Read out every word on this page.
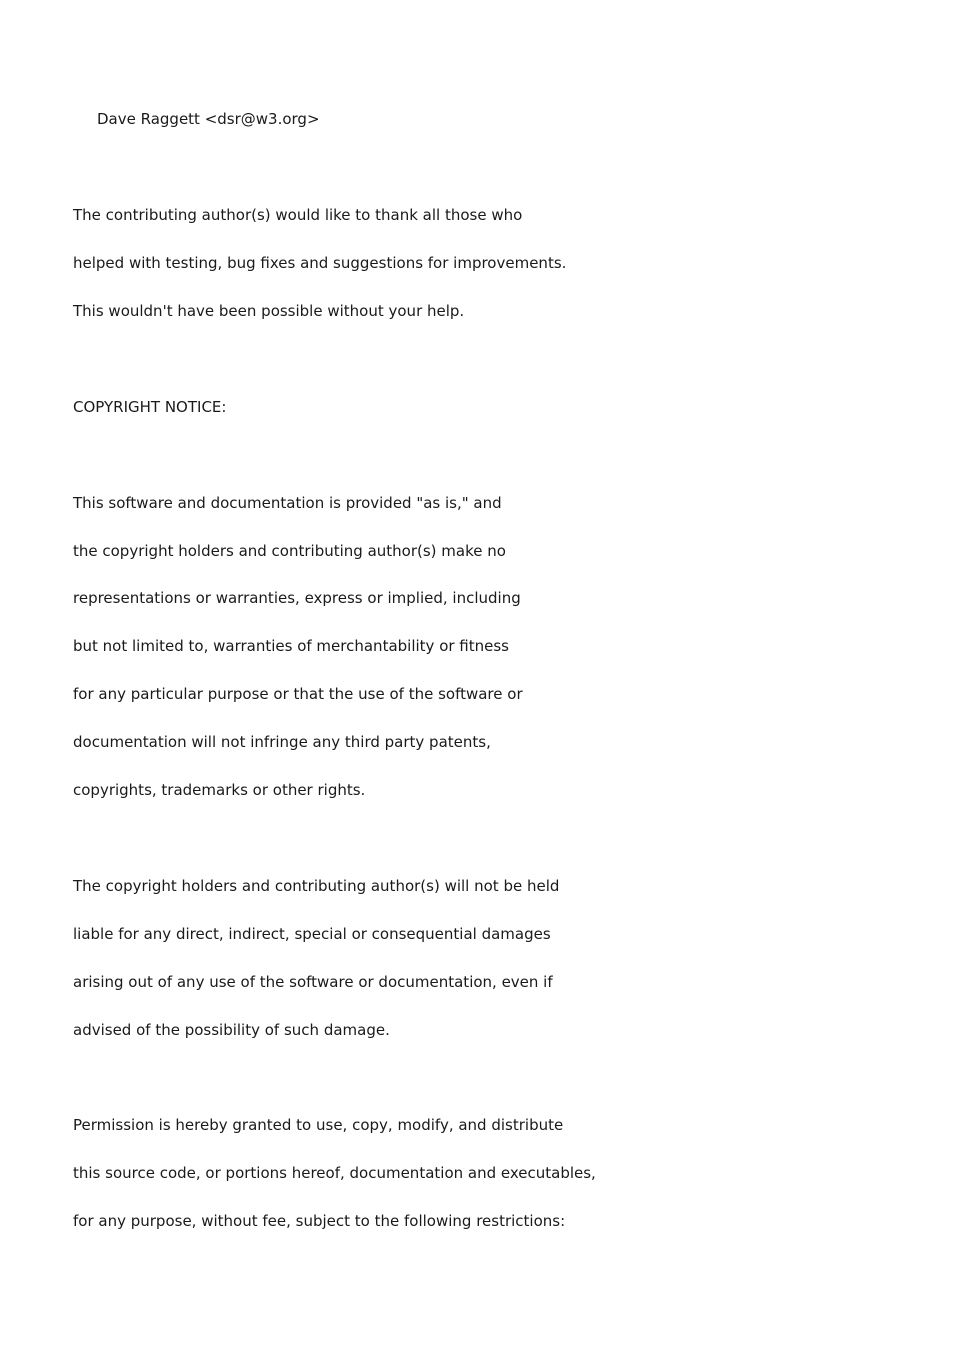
Dave Raggett <dsr@w3.org>

The contributing author(s) would like to thank all those who

helped with testing, bug fixes and suggestions for improvements.

This wouldn't have been possible without your help.

COPYRIGHT NOTICE:

This software and documentation is provided "as is," and

the copyright holders and contributing author(s) make no

representations or warranties, express or implied, including

but not limited to, warranties of merchantability or fitness

for any particular purpose or that the use of the software or

documentation will not infringe any third party patents,

copyrights, trademarks or other rights.

The copyright holders and contributing author(s) will not be held

liable for any direct, indirect, special or consequential damages

arising out of any use of the software or documentation, even if

advised of the possibility of such damage.

Permission is hereby granted to use, copy, modify, and distribute

this source code, or portions hereof, documentation and executables,

for any purpose, without fee, subject to the following restrictions:
